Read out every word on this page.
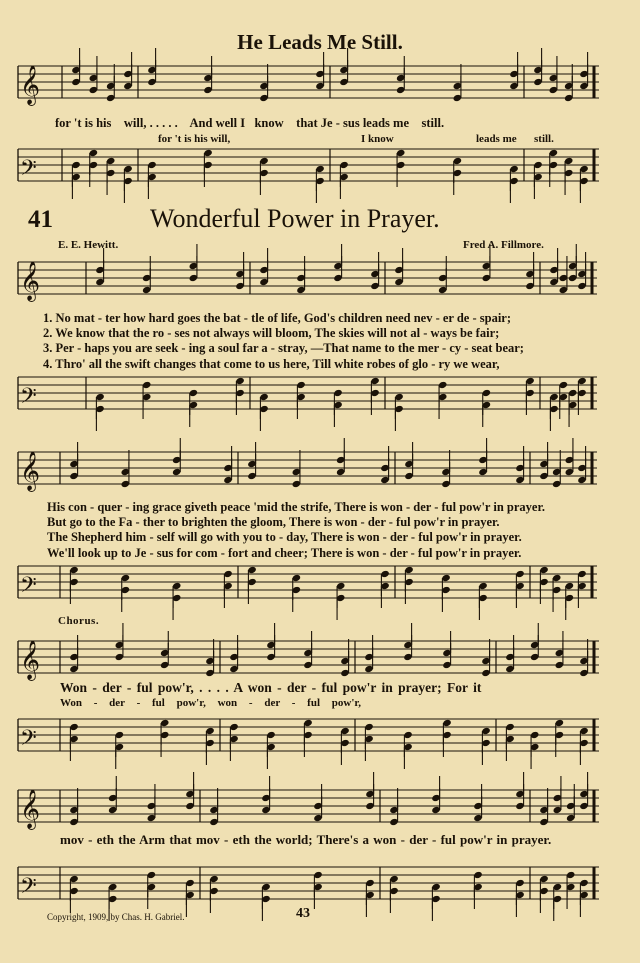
𝄞
𝄢
𝄞
𝄢
𝄞
𝄢
𝄞
𝄢
𝄞
𝄢
He Leads Me Still.
for 't is his will, . . . . . And well I know that Je - sus leads me still.
for 't is his will,	I know	leads me still.
41	Wonderful Power in Prayer.
E. E. Hewitt.	Fred A. Fillmore.
1. No mat - ter how hard goes the bat - tle of life, God's children need nev - er de - spair;
2. We know that the ro - ses not always will bloom, The skies will not al - ways be fair;
3. Per - haps you are seek - ing a soul far a - stray, —That name to the mer - cy - seat bear;
4. Thro' all the swift changes that come to us here, Till white robes of glo - ry we wear,
His con - quer - ing grace giveth peace 'mid the strife, There is won - der - ful pow'r in prayer.
But go to the Fa - ther to brighten the gloom, There is won - der - ful pow'r in prayer.
The Shepherd him - self will go with you to - day, There is won - der - ful pow'r in prayer.
We'll look up to Je - sus for com - fort and cheer; There is won - der - ful pow'r in prayer.
Chorus.
Won - der - ful pow'r, . . . . A won - der - ful pow'r in prayer; For it
Won - der - ful pow'r, won - der - ful pow'r,
mov - eth the Arm that mov - eth the world; There's a won - der - ful pow'r in prayer.
Copyright, 1909, by Chas. H. Gabriel.	43
